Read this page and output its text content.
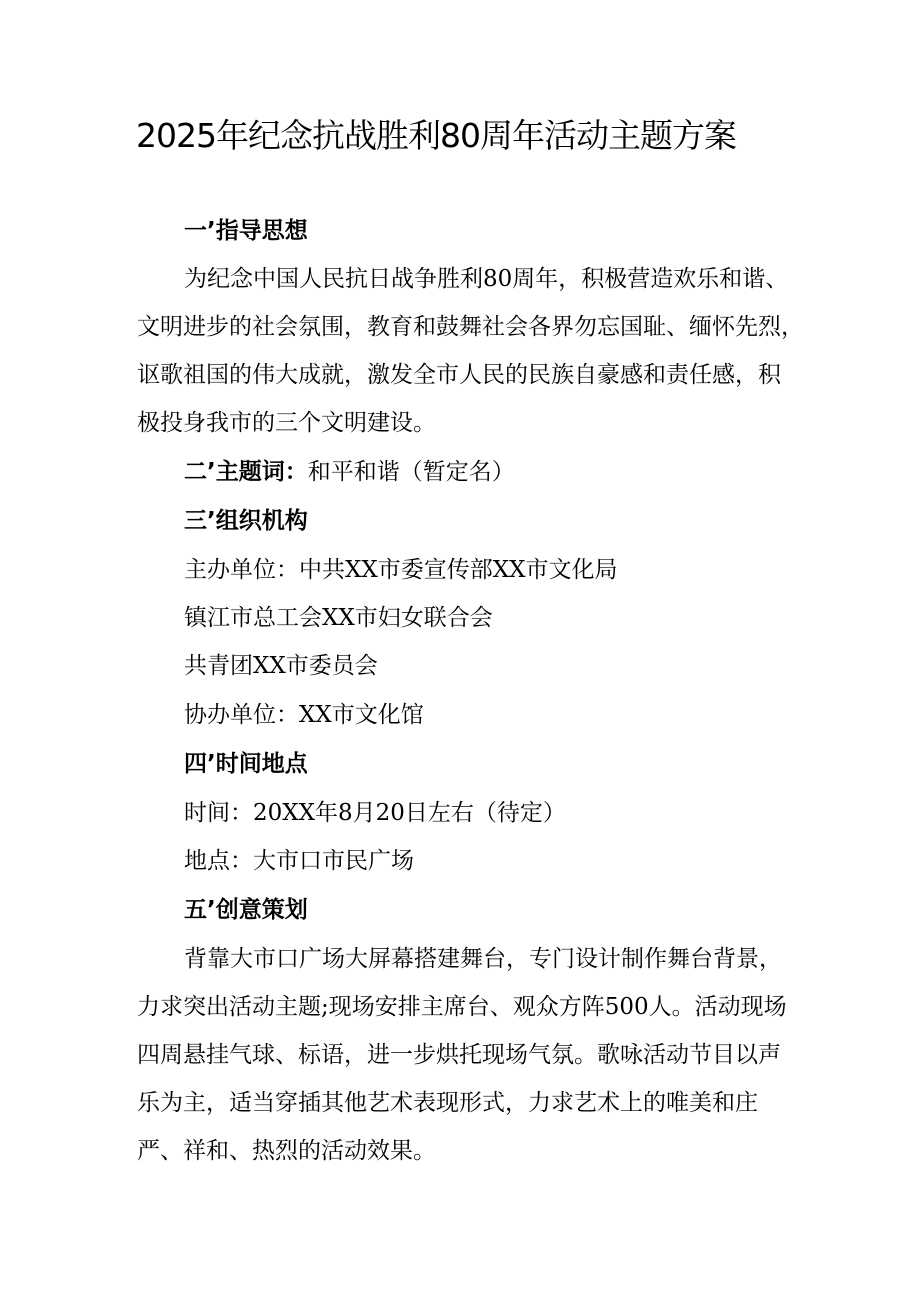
2025年纪念抗战胜利80周年活动主题方案

一’指导思想

为纪念中国人民抗日战争胜利80周年，积极营造欢乐和谐、

文明进步的社会氛围，教育和鼓舞社会各界勿忘国耻、缅怀先烈，

讴歌祖国的伟大成就，激发全市人民的民族自豪感和责任感，积

极投身我市的三个文明建设。

二’主题词：和平和谐（暂定名）

三’组织机构

主办单位：中共XX市委宣传部XX市文化局

镇江市总工会XX市妇女联合会

共青团XX市委员会

协办单位：XX市文化馆

四’时间地点

时间：20XX年8月20日左右（待定）

地点：大市口市民广场

五’创意策划

背靠大市口广场大屏幕搭建舞台，专门设计制作舞台背景，

力求突出活动主题;现场安排主席台、观众方阵500人。活动现场

四周悬挂气球、标语，进一步烘托现场气氛。歌咏活动节目以声

乐为主，适当穿插其他艺术表现形式，力求艺术上的唯美和庄

严、祥和、热烈的活动效果。
